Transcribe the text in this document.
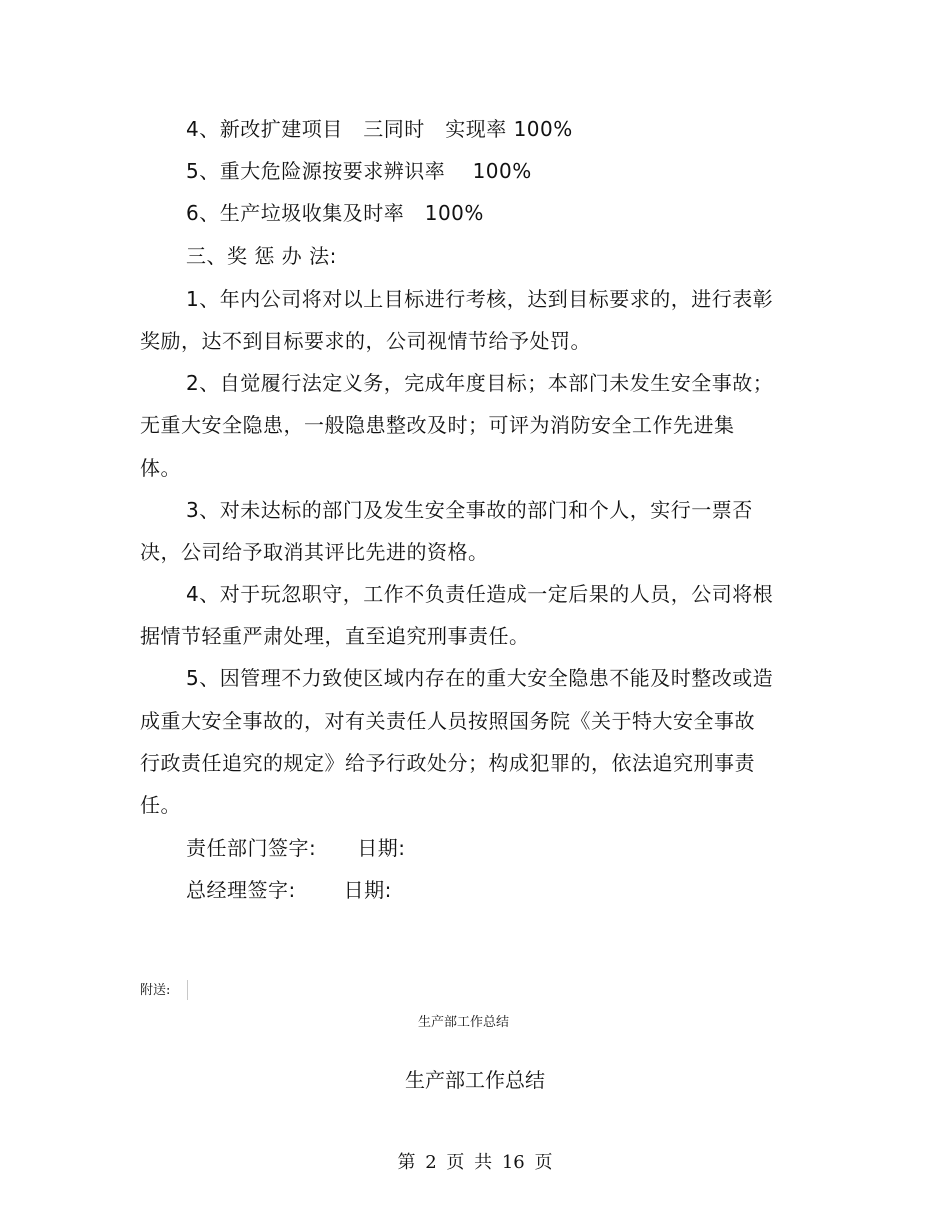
4、新改扩建项目　三同时　实现率 100%
5、重大危险源按要求辨识率　 100%
6、生产垃圾收集及时率　100%
三、奖 惩 办 法:
1、年内公司将对以上目标进行考核，达到目标要求的，进行表彰
奖励，达不到目标要求的，公司视情节给予处罚。
2、自觉履行法定义务，完成年度目标；本部门未发生安全事故；
无重大安全隐患，一般隐患整改及时；可评为消防安全工作先进集
体。
3、对未达标的部门及发生安全事故的部门和个人，实行一票否
决，公司给予取消其评比先进的资格。
4、对于玩忽职守，工作不负责任造成一定后果的人员，公司将根
据情节轻重严肃处理，直至追究刑事责任。
5、因管理不力致使区域内存在的重大安全隐患不能及时整改或造
成重大安全事故的，对有关责任人员按照国务院《关于特大安全事故
行政责任追究的规定》给予行政处分；构成犯罪的，依法追究刑事责
任。
责任部门签字:　　日期:
总经理签字:　　 日期:
附送:
生产部工作总结
生产部工作总结
第 2 页 共 16 页
